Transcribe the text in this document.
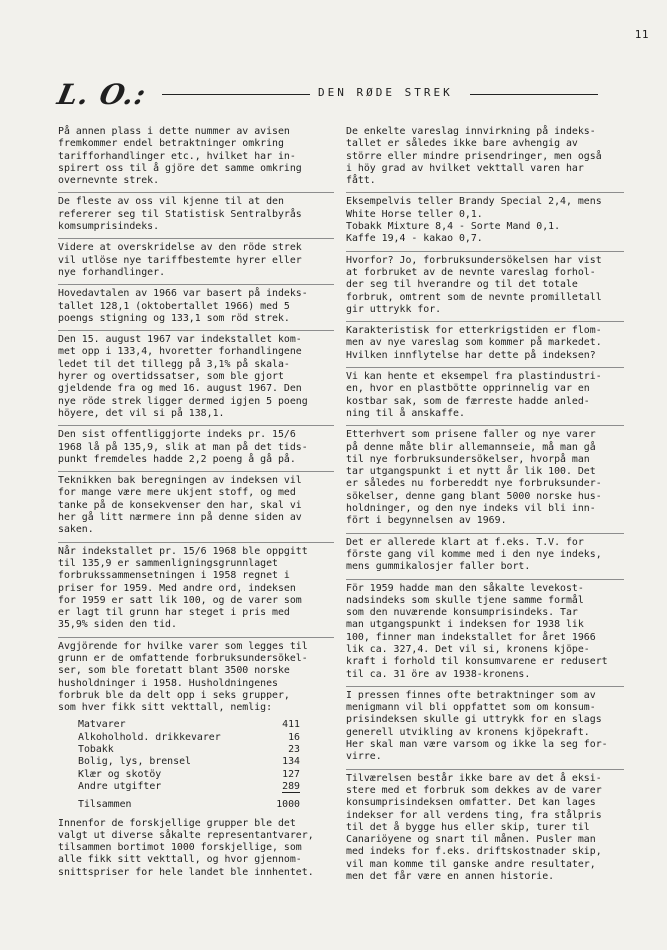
11
L. O.:	DEN RØDE STREK

På annen plass i dette nummer av avisen
fremkommer endel betraktninger omkring
tarifforhandlinger etc., hvilket har in-
spirert oss til å gjöre det samme omkring
overnevnte strek.

De fleste av oss vil kjenne til at den
refererer seg til Statistisk Sentralbyrås
komsumprisindeks.

Videre at overskridelse av den röde strek
vil utlöse nye tariffbestemte hyrer eller
nye forhandlinger.

Hovedavtalen av 1966 var basert på indeks-
tallet 128,1 (oktobertallet 1966) med 5
poengs stigning og 133,1 som röd strek.

Den 15. august 1967 var indekstallet kom-
met opp i 133,4, hvoretter forhandlingene
ledet til det tillegg på 3,1% på skala-
hyrer og overtidssatser, som ble gjort
gjeldende fra og med 16. august 1967. Den
nye röde strek ligger dermed igjen 5 poeng
höyere, det vil si på 138,1.

Den sist offentliggjorte indeks pr. 15/6
1968 lå på 135,9, slik at man på det tids-
punkt fremdeles hadde 2,2 poeng å gå på.

Teknikken bak beregningen av indeksen vil
for mange være mere ukjent stoff, og med
tanke på de konsekvenser den har, skal vi
her gå litt nærmere inn på denne siden av
saken.

Når indekstallet pr. 15/6 1968 ble oppgitt
til 135,9 er sammenligningsgrunnlaget
forbrukssammensetningen i 1958 regnet i
priser for 1959. Med andre ord, indeksen
for 1959 er satt lik 100, og de varer som
er lagt til grunn har steget i pris med
35,9% siden den tid.

Avgjörende for hvilke varer som legges til
grunn er de omfattende forbruksundersökel-
ser, som ble foretatt blant 3500 norske
husholdninger i 1958. Husholdningenes
forbruk ble da delt opp i seks grupper,
som hver fikk sitt vekttall, nemlig:

Matvarer	411
Alkoholhold. drikkevarer	16
Tobakk	23
Bolig, lys, brensel	134
Klær og skotöy	127
Andre utgifter	289
Tilsammen	1000

Innenfor de forskjellige grupper ble det
valgt ut diverse såkalte representantvarer,
tilsammen bortimot 1000 forskjellige, som
alle fikk sitt vekttall, og hvor gjennom-
snittspriser for hele landet ble innhentet.

De enkelte vareslag innvirkning på indeks-
tallet er således ikke bare avhengig av
större eller mindre prisendringer, men også
i höy grad av hvilket vekttall varen har
fått.

Eksempelvis teller Brandy Special 2,4, mens
White Horse teller 0,1.
Tobakk Mixture 8,4 - Sorte Mand 0,1.
Kaffe 19,4 - kakao 0,7.

Hvorfor? Jo, forbruksundersökelsen har vist
at forbruket av de nevnte vareslag forhol-
der seg til hverandre og til det totale
forbruk, omtrent som de nevnte promilletall
gir uttrykk for.

Karakteristisk for etterkrigstiden er flom-
men av nye vareslag som kommer på markedet.
Hvilken innflytelse har dette på indeksen?

Vi kan hente et eksempel fra plastindustri-
en, hvor en plastbötte opprinnelig var en
kostbar sak, som de færreste hadde anled-
ning til å anskaffe.

Etterhvert som prisene faller og nye varer
på denne måte blir allemannseie, må man gå
til nye forbruksundersökelser, hvorpå man
tar utgangspunkt i et nytt år lik 100. Det
er således nu forbereddt nye forbruksunder-
sökelser, denne gang blant 5000 norske hus-
holdninger, og den nye indeks vil bli inn-
fört i begynnelsen av 1969.

Det er allerede klart at f.eks. T.V. for
förste gang vil komme med i den nye indeks,
mens gummikalosjer faller bort.

För 1959 hadde man den såkalte levekost-
nadsindeks som skulle tjene samme formål
som den nuværende konsumprisindeks. Tar
man utgangspunkt i indeksen for 1938 lik
100, finner man indekstallet for året 1966
lik ca. 327,4. Det vil si, kronens kjöpe-
kraft i forhold til konsumvarene er redusert
til ca. 31 öre av 1938-kronens.

I pressen finnes ofte betraktninger som av
menigmann vil bli oppfattet som om konsum-
prisindeksen skulle gi uttrykk for en slags
generell utvikling av kronens kjöpekraft.
Her skal man være varsom og ikke la seg for-
virre.

Tilværelsen består ikke bare av det å eksi-
stere med et forbruk som dekkes av de varer
konsumprisindeksen omfatter. Det kan lages
indekser for all verdens ting, fra stålpris
til det å bygge hus eller skip, turer til
Canariöyene og snart til månen. Pusler man
med indeks for f.eks. driftskostnader skip,
vil man komme til ganske andre resultater,
men det får være en annen historie.
